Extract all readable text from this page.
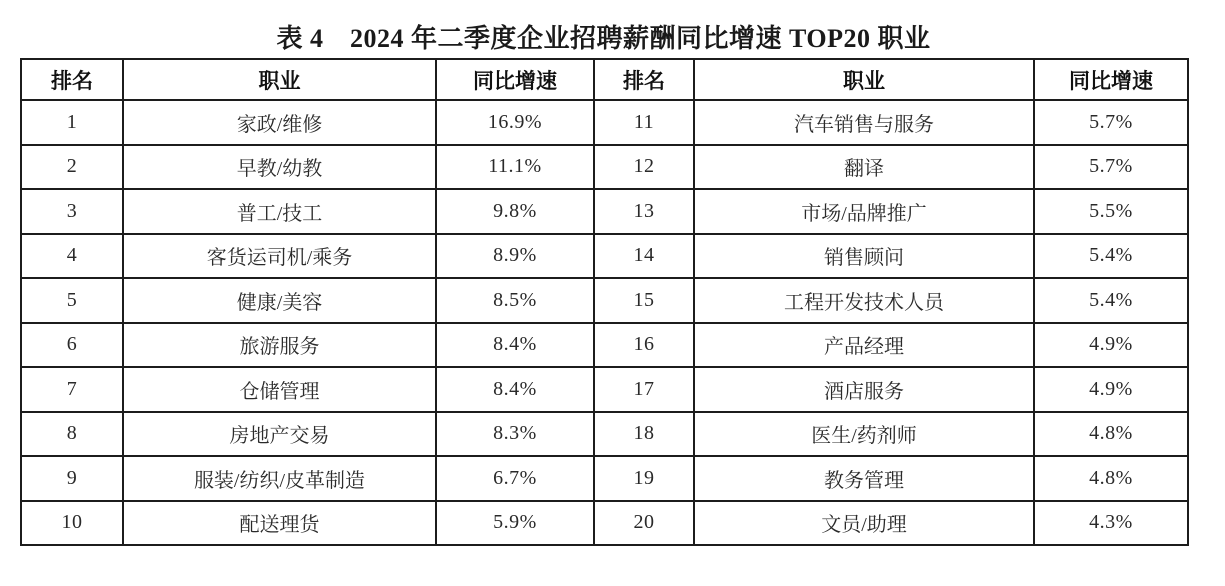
表 4　2024 年二季度企业招聘薪酬同比增速 TOP20 职业
排名	职业	同比增速	排名	职业	同比增速
1	家政/维修	16.9%	11	汽车销售与服务	5.7%
2	早教/幼教	11.1%	12	翻译	5.7%
3	普工/技工	9.8%	13	市场/品牌推广	5.5%
4	客货运司机/乘务	8.9%	14	销售顾问	5.4%
5	健康/美容	8.5%	15	工程开发技术人员	5.4%
6	旅游服务	8.4%	16	产品经理	4.9%
7	仓储管理	8.4%	17	酒店服务	4.9%
8	房地产交易	8.3%	18	医生/药剂师	4.8%
9	服装/纺织/皮革制造	6.7%	19	教务管理	4.8%
10	配送理货	5.9%	20	文员/助理	4.3%
